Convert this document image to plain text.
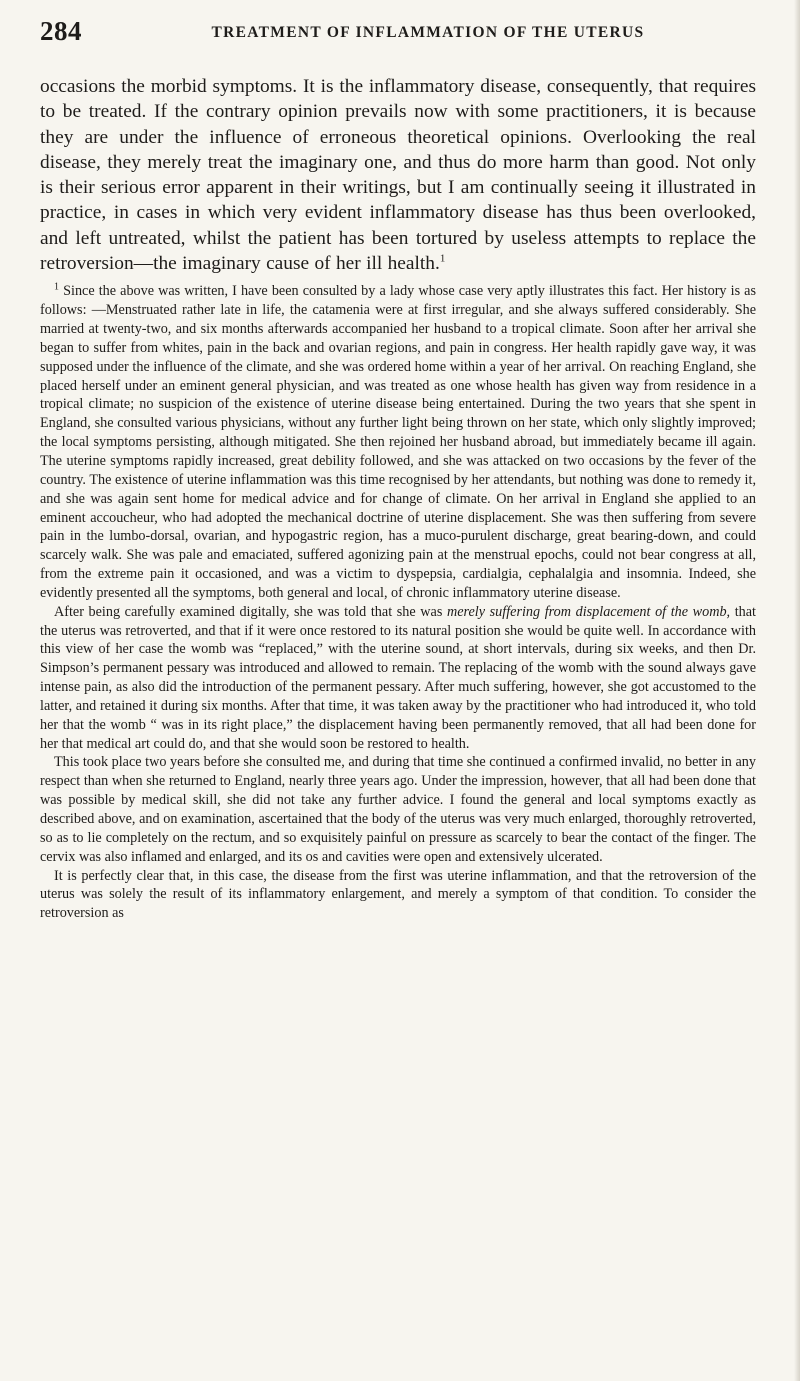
284	TREATMENT OF INFLAMMATION OF THE UTERUS

occasions the morbid symptoms. It is the inflammatory disease, consequently, that requires to be treated. If the contrary opinion prevails now with some practitioners, it is because they are under the influence of erroneous theoretical opinions. Overlooking the real disease, they merely treat the imaginary one, and thus do more harm than good. Not only is their serious error apparent in their writings, but I am continually seeing it illustrated in practice, in cases in which very evident inflammatory disease has thus been overlooked, and left untreated, whilst the patient has been tortured by useless attempts to replace the retroversion—the imaginary cause of her ill health.$^1$

$^1$ Since the above was written, I have been consulted by a lady whose case very aptly illustrates this fact. Her history is as follows: —Menstruated rather late in life, the catamenia were at first irregular, and she always suffered considerably. She married at twenty-two, and six months afterwards accompanied her husband to a tropical climate. Soon after her arrival she began to suffer from whites, pain in the back and ovarian regions, and pain in congress. Her health rapidly gave way, it was supposed under the influence of the climate, and she was ordered home within a year of her arrival. On reaching England, she placed herself under an eminent general physician, and was treated as one whose health has given way from residence in a tropical climate; no suspicion of the existence of uterine disease being entertained. During the two years that she spent in England, she consulted various physicians, without any further light being thrown on her state, which only slightly improved; the local symptoms persisting, although mitigated. She then rejoined her husband abroad, but immediately became ill again. The uterine symptoms rapidly increased, great debility followed, and she was attacked on two occasions by the fever of the country. The existence of uterine inflammation was this time recognised by her attendants, but nothing was done to remedy it, and she was again sent home for medical advice and for change of climate. On her arrival in England she applied to an eminent accoucheur, who had adopted the mechanical doctrine of uterine displacement. She was then suffering from severe pain in the lumbo-dorsal, ovarian, and hypogastric region, has a muco-purulent discharge, great bearing-down, and could scarcely walk. She was pale and emaciated, suffered agonizing pain at the menstrual epochs, could not bear congress at all, from the extreme pain it occasioned, and was a victim to dyspepsia, cardialgia, cephalalgia and insomnia. Indeed, she evidently presented all the symptoms, both general and local, of chronic inflammatory uterine disease.

After being carefully examined digitally, she was told that she was merely suffering from displacement of the womb, that the uterus was retroverted, and that if it were once restored to its natural position she would be quite well. In accordance with this view of her case the womb was “replaced,” with the uterine sound, at short intervals, during six weeks, and then Dr. Simpson’s permanent pessary was introduced and allowed to remain. The replacing of the womb with the sound always gave intense pain, as also did the introduction of the permanent pessary. After much suffering, however, she got accustomed to the latter, and retained it during six months. After that time, it was taken away by the practitioner who had introduced it, who told her that the womb “ was in its right place,” the displacement having been permanently removed, that all had been done for her that medical art could do, and that she would soon be restored to health.

This took place two years before she consulted me, and during that time she continued a confirmed invalid, no better in any respect than when she returned to England, nearly three years ago. Under the impression, however, that all had been done that was possible by medical skill, she did not take any further advice. I found the general and local symptoms exactly as described above, and on examination, ascertained that the body of the uterus was very much enlarged, thoroughly retroverted, so as to lie completely on the rectum, and so exquisitely painful on pressure as scarcely to bear the contact of the finger. The cervix was also inflamed and enlarged, and its os and cavities were open and extensively ulcerated.

It is perfectly clear that, in this case, the disease from the first was uterine inflammation, and that the retroversion of the uterus was solely the result of its inflammatory enlargement, and merely a symptom of that condition. To consider the retroversion as
